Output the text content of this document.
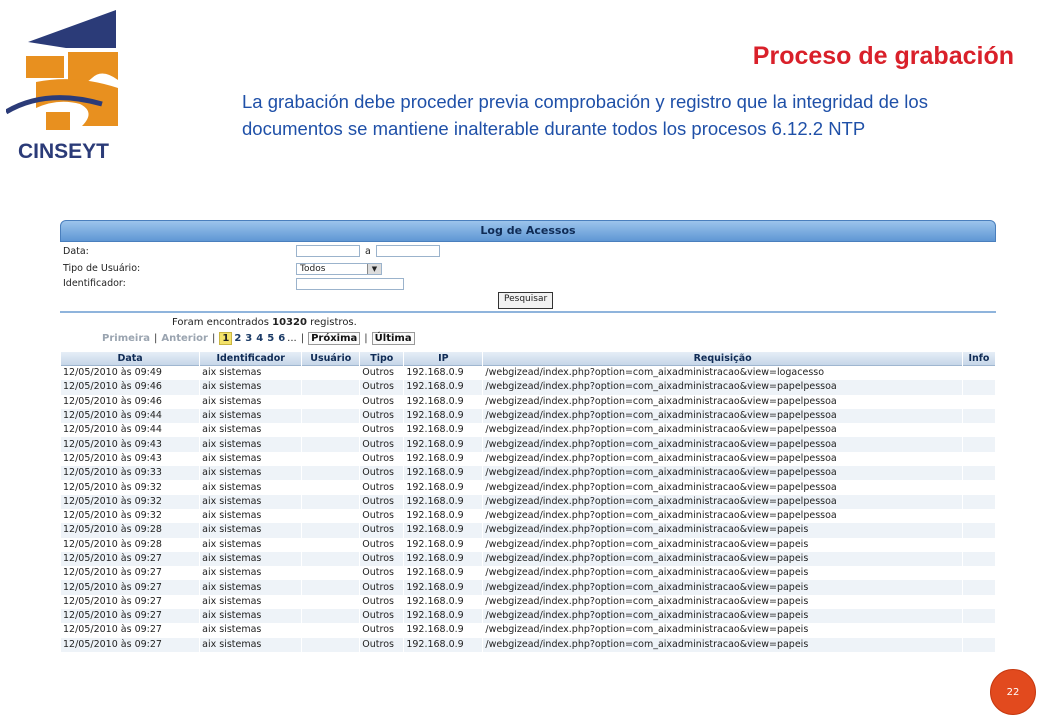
CINSEYT
Proceso de grabación
La grabación debe proceder previa comprobación y registro que la integridad de los documentos se mantiene inalterable durante todos los procesos 6.12.2 NTP
Log de Acessos
Data:	a
Tipo de Usuário:	Todos	▼
Identificador:
Pesquisar
Foram encontrados 10320 registros.
Primeira | Anterior | 1 2 3 4 5 6 ... | Próxima | Última
Data	Identificador	Usuário	Tipo	IP	Requisição	Info
12/05/2010 às 09:49	aix sistemas		Outros	192.168.0.9	/webgizead/index.php?option=com_aixadministracao&view=logacesso	
12/05/2010 às 09:46	aix sistemas		Outros	192.168.0.9	/webgizead/index.php?option=com_aixadministracao&view=papelpessoa	
12/05/2010 às 09:46	aix sistemas		Outros	192.168.0.9	/webgizead/index.php?option=com_aixadministracao&view=papelpessoa	
12/05/2010 às 09:44	aix sistemas		Outros	192.168.0.9	/webgizead/index.php?option=com_aixadministracao&view=papelpessoa	
12/05/2010 às 09:44	aix sistemas		Outros	192.168.0.9	/webgizead/index.php?option=com_aixadministracao&view=papelpessoa	
12/05/2010 às 09:43	aix sistemas		Outros	192.168.0.9	/webgizead/index.php?option=com_aixadministracao&view=papelpessoa	
12/05/2010 às 09:43	aix sistemas		Outros	192.168.0.9	/webgizead/index.php?option=com_aixadministracao&view=papelpessoa	
12/05/2010 às 09:33	aix sistemas		Outros	192.168.0.9	/webgizead/index.php?option=com_aixadministracao&view=papelpessoa	
12/05/2010 às 09:32	aix sistemas		Outros	192.168.0.9	/webgizead/index.php?option=com_aixadministracao&view=papelpessoa	
12/05/2010 às 09:32	aix sistemas		Outros	192.168.0.9	/webgizead/index.php?option=com_aixadministracao&view=papelpessoa	
12/05/2010 às 09:32	aix sistemas		Outros	192.168.0.9	/webgizead/index.php?option=com_aixadministracao&view=papelpessoa	
12/05/2010 às 09:28	aix sistemas		Outros	192.168.0.9	/webgizead/index.php?option=com_aixadministracao&view=papeis	
12/05/2010 às 09:28	aix sistemas		Outros	192.168.0.9	/webgizead/index.php?option=com_aixadministracao&view=papeis	
12/05/2010 às 09:27	aix sistemas		Outros	192.168.0.9	/webgizead/index.php?option=com_aixadministracao&view=papeis	
12/05/2010 às 09:27	aix sistemas		Outros	192.168.0.9	/webgizead/index.php?option=com_aixadministracao&view=papeis	
12/05/2010 às 09:27	aix sistemas		Outros	192.168.0.9	/webgizead/index.php?option=com_aixadministracao&view=papeis	
12/05/2010 às 09:27	aix sistemas		Outros	192.168.0.9	/webgizead/index.php?option=com_aixadministracao&view=papeis	
12/05/2010 às 09:27	aix sistemas		Outros	192.168.0.9	/webgizead/index.php?option=com_aixadministracao&view=papeis	
12/05/2010 às 09:27	aix sistemas		Outros	192.168.0.9	/webgizead/index.php?option=com_aixadministracao&view=papeis	
12/05/2010 às 09:27	aix sistemas		Outros	192.168.0.9	/webgizead/index.php?option=com_aixadministracao&view=papeis	
22
